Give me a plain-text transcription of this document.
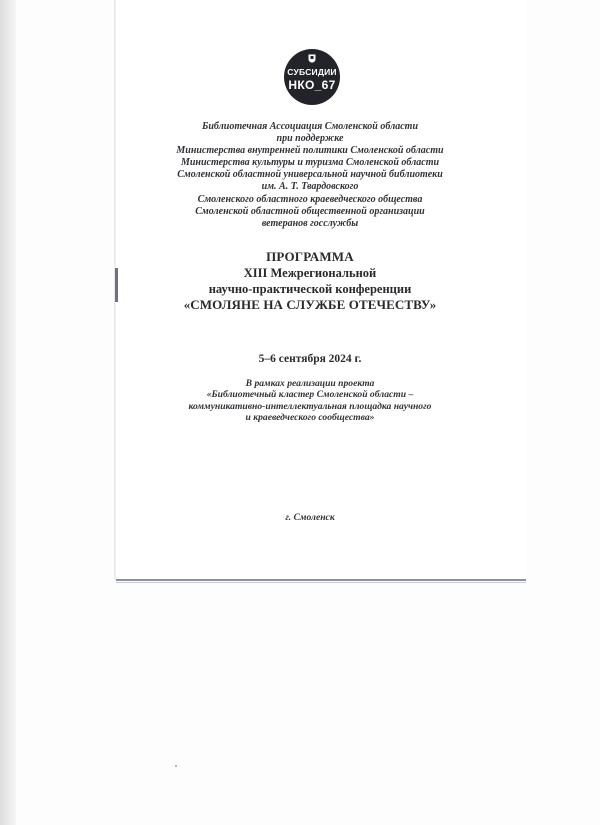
СУБСИДИИ
НКО_67
Библиотечная Ассоциация Смоленской области
при поддержке
Министерства внутренней политики Смоленской области
Министерства культуры и туризма Смоленской области
Смоленской областной универсальной научной библиотеки
им. А. Т. Твардовского
Смоленского областного краеведческого общества
Смоленской областной общественной организации
ветеранов госслужбы
ПРОГРАММА
XIII Межрегиональной
научно-практической конференции
«СМОЛЯНЕ НА СЛУЖБЕ ОТЕЧЕСТВУ»
5–6 сентября 2024 г.
В рамках реализации проекта
«Библиотечный кластер Смоленской области –
коммуникативно-интеллектуальная площадка научного
и краеведческого сообщества»
г. Смоленск
